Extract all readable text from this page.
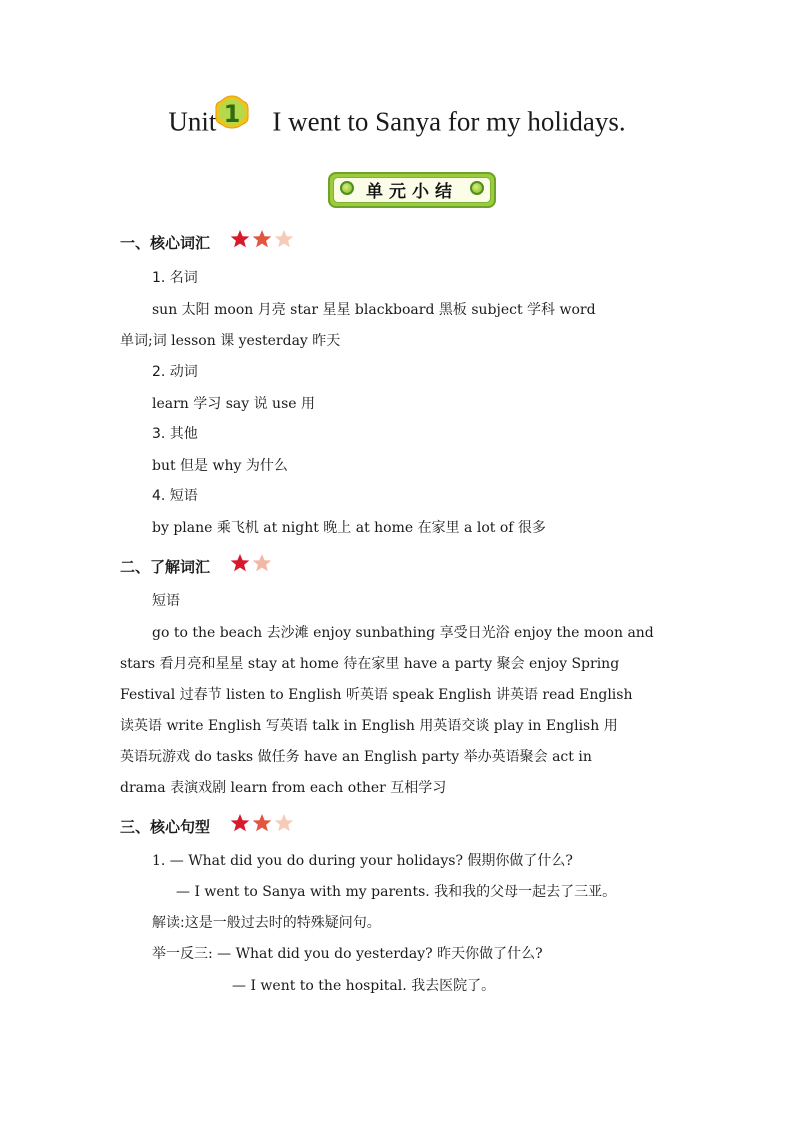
Unit 1 I went to Sanya for my holidays.
单元小结
一、核心词汇
1. 名词
sun 太阳 moon 月亮 star 星星 blackboard 黑板 subject 学科 word
单词;词 lesson 课 yesterday 昨天
2. 动词
learn 学习 say 说 use 用
3. 其他
but 但是 why 为什么
4. 短语
by plane 乘飞机 at night 晚上 at home 在家里 a lot of 很多
二、了解词汇
短语
go to the beach 去沙滩 enjoy sunbathing 享受日光浴 enjoy the moon and
stars 看月亮和星星 stay at home 待在家里 have a party 聚会 enjoy Spring
Festival 过春节 listen to English 听英语 speak English 讲英语 read English
读英语 write English 写英语 talk in English 用英语交谈 play in English 用
英语玩游戏 do tasks 做任务 have an English party 举办英语聚会 act in
drama 表演戏剧 learn from each other 互相学习
三、核心句型
1. — What did you do during your holidays? 假期你做了什么?
— I went to Sanya with my parents. 我和我的父母一起去了三亚。
解读:这是一般过去时的特殊疑问句。
举一反三: — What did you do yesterday? 昨天你做了什么?
— I went to the hospital. 我去医院了。
